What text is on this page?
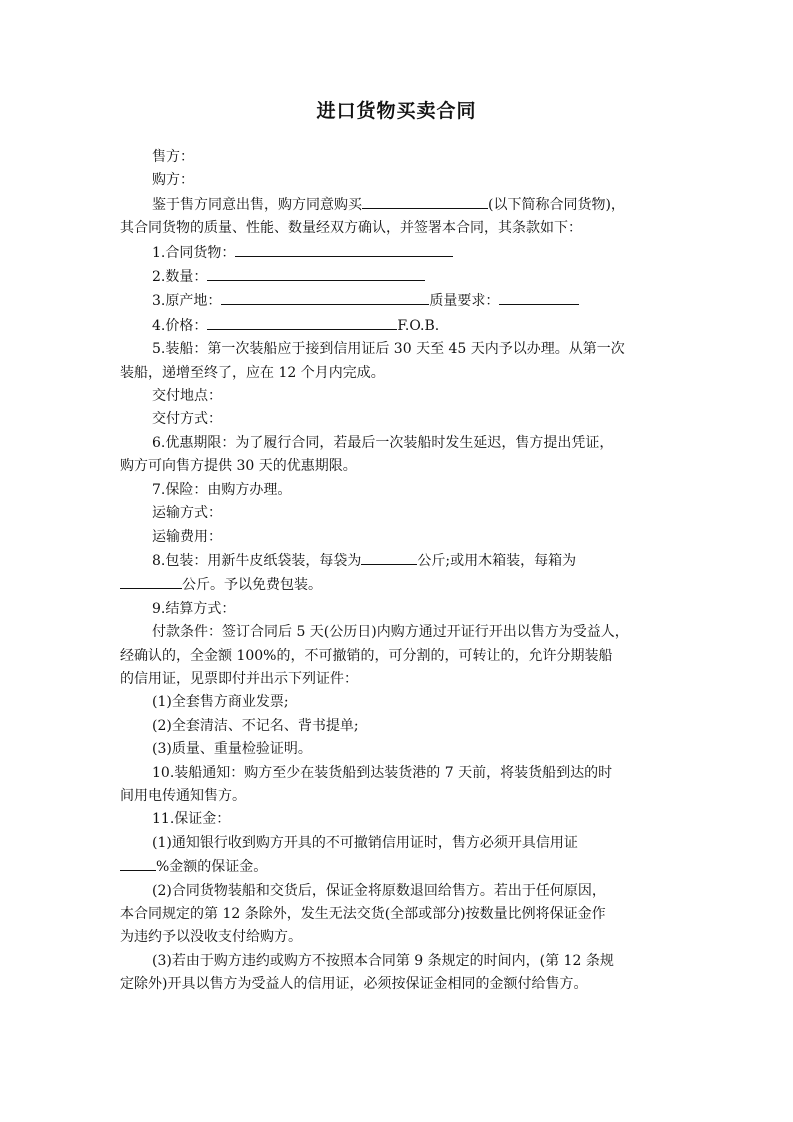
进口货物买卖合同
售方：
购方：
鉴于售方同意出售，购方同意购买	(以下简称合同货物)，
其合同货物的质量、性能、数量经双方确认，并签署本合同，其条款如下：
1.合同货物：
2.数量：
3.原产地：	质量要求：
4.价格：	F.O.B.
5.装船：第一次装船应于接到信用证后 30 天至 45 天内予以办理。从第一次
装船，递增至终了，应在 12 个月内完成。
交付地点：
交付方式：
6.优惠期限：为了履行合同，若最后一次装船时发生延迟，售方提出凭证，
购方可向售方提供 30 天的优惠期限。
7.保险：由购方办理。
运输方式：
运输费用：
8.包装：用新牛皮纸袋装，每袋为	公斤;或用木箱装，每箱为
公斤。予以免费包装。
9.结算方式：
付款条件：签订合同后 5 天(公历日)内购方通过开证行开出以售方为受益人，
经确认的，全金额 100%的，不可撤销的，可分割的，可转让的，允许分期装船
的信用证，见票即付并出示下列证件：
(1)全套售方商业发票;
(2)全套清洁、不记名、背书提单;
(3)质量、重量检验证明。
10.装船通知：购方至少在装货船到达装货港的 7 天前，将装货船到达的时
间用电传通知售方。
11.保证金：
(1)通知银行收到购方开具的不可撤销信用证时，售方必须开具信用证
%金额的保证金。
(2)合同货物装船和交货后，保证金将原数退回给售方。若出于任何原因，
本合同规定的第 12 条除外，发生无法交货(全部或部分)按数量比例将保证金作
为违约予以没收支付给购方。
(3)若由于购方违约或购方不按照本合同第 9 条规定的时间内，(第 12 条规
定除外)开具以售方为受益人的信用证，必须按保证金相同的金额付给售方。
